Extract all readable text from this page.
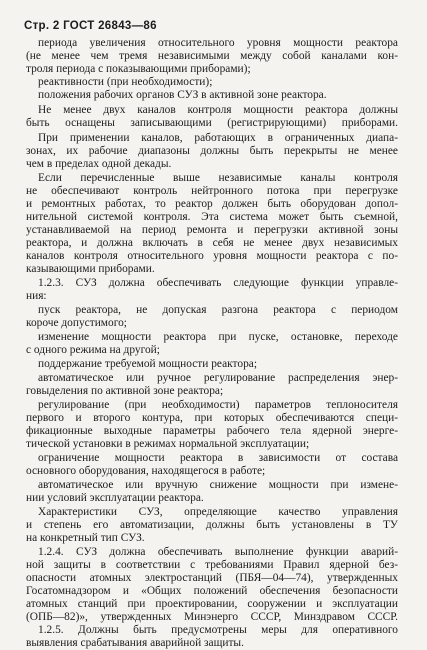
Стр. 2 ГОСТ 26843—86
периода увеличения относительного уровня мощности реактора
(не менее чем тремя независимыми между собой каналами кон-
троля периода с показывающими приборами);
реактивности (при необходимости);
положения рабочих органов СУЗ в активной зоне реактора.
Не менее двух каналов контроля мощности реактора должны
быть оснащены записывающими (регистрирующими) приборами.
При применении каналов, работающих в ограниченных диапа-
зонах, их рабочие диапазоны должны быть перекрыты не менее
чем в пределах одной декады.
Если перечисленные выше независимые каналы контроля
не обеспечивают контроль нейтронного потока при перегрузке
и ремонтных работах, то реактор должен быть оборудован допол-
нительной системой контроля. Эта система может быть съемной,
устанавливаемой на период ремонта и перегрузки активной зоны
реактора, и должна включать в себя не менее двух независимых
каналов контроля относительного уровня мощности реактора с по-
казывающими приборами.
1.2.3. СУЗ должна обеспечивать следующие функции управле-
ния:
пуск реактора, не допуская разгона реактора с периодом
короче допустимого;
изменение мощности реактора при пуске, остановке, переходе
с одного режима на другой;
поддержание требуемой мощности реактора;
автоматическое или ручное регулирование распределения энер-
говыделения по активной зоне реактора;
регулирование (при необходимости) параметров теплоносителя
первого и второго контура, при которых обеспечиваются специ-
фикационные выходные параметры рабочего тела ядерной энерге-
тической установки в режимах нормальной эксплуатации;
ограничение мощности реактора в зависимости от состава
основного оборудования, находящегося в работе;
автоматическое или вручную снижение мощности при измене-
нии условий эксплуатации реактора.
Характеристики СУЗ, определяющие качество управления
и степень его автоматизации, должны быть установлены в ТУ
на конкретный тип СУЗ.
1.2.4. СУЗ должна обеспечивать выполнение функции аварий-
ной защиты в соответствии с требованиями Правил ядерной без-
опасности атомных электростанций (ПБЯ—04—74), утвержденных
Госатомнадзором и «Общих положений обеспечения безопасности
атомных станций при проектировании, сооружении и эксплуатации
(ОПБ—82)», утвержденных Минэнерго СССР, Минздравом СССР.
1.2.5. Должны быть предусмотрены меры для оперативного
выявления срабатывания аварийной защиты.
